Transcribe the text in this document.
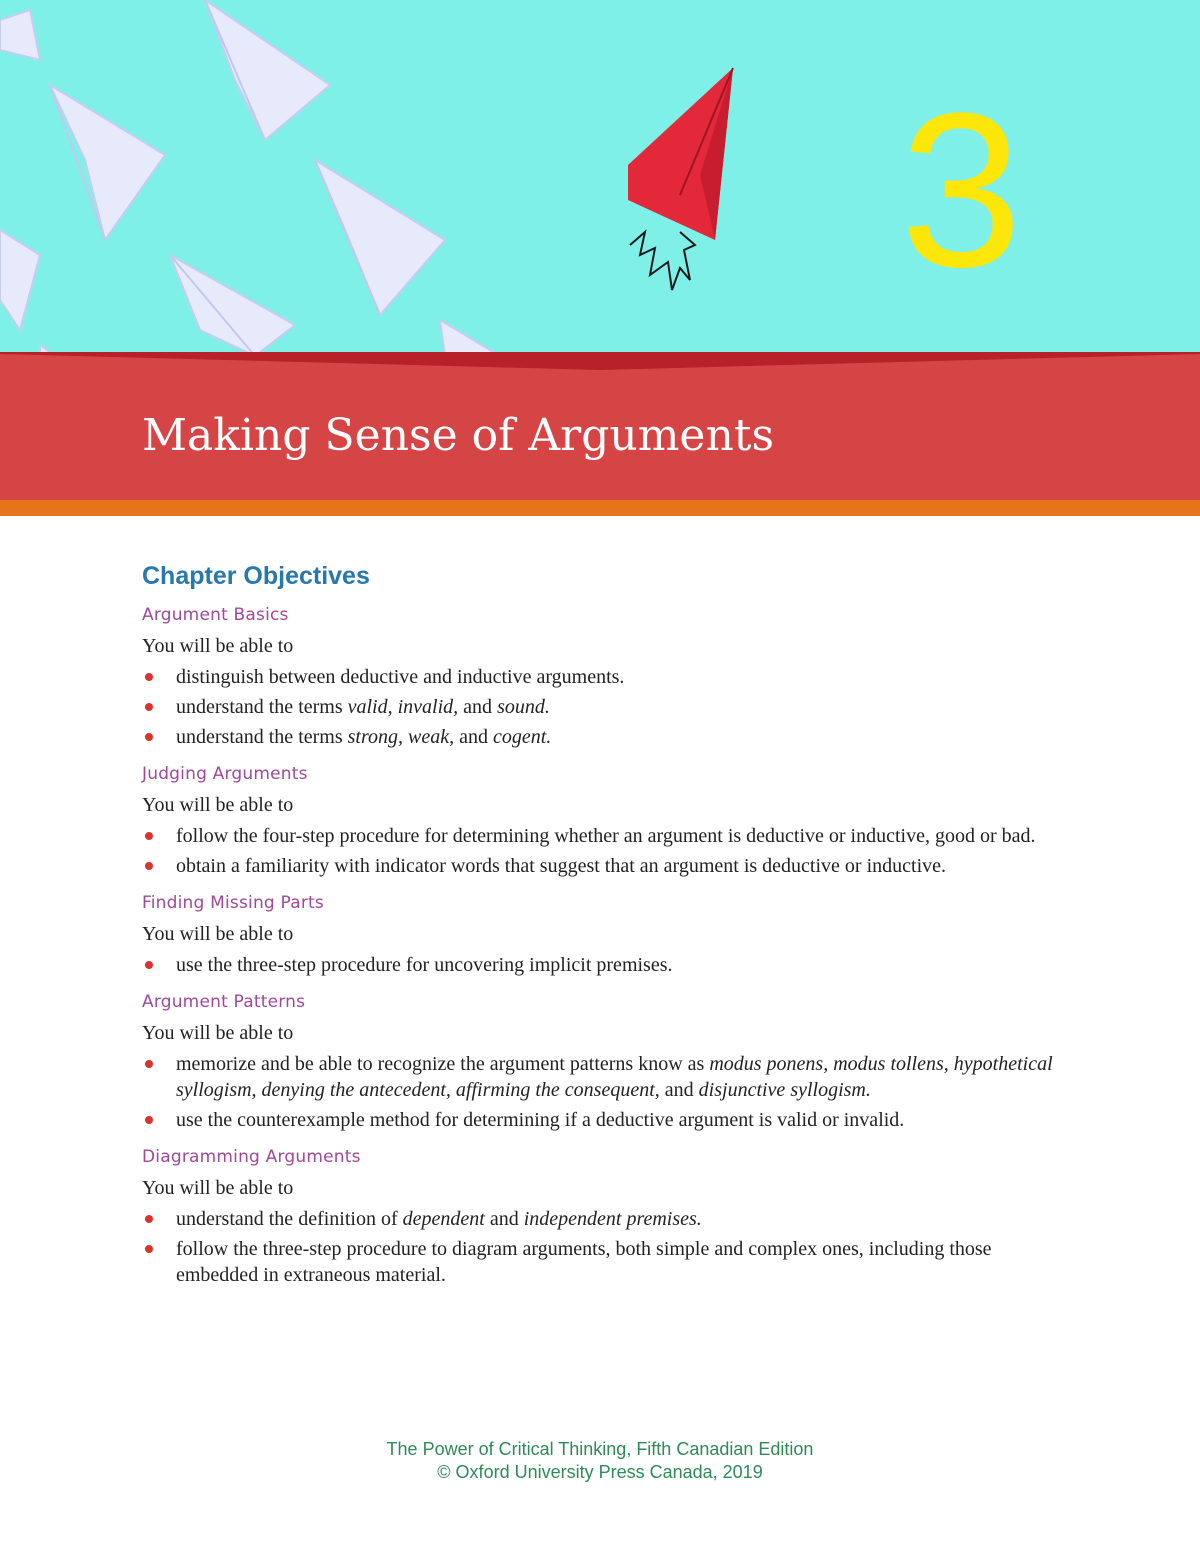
3
Making Sense of Arguments
Chapter Objectives
Argument Basics

You will be able to

distinguish between deductive and inductive arguments.
understand the terms valid, invalid, and sound.
understand the terms strong, weak, and cogent.
Judging Arguments

You will be able to

follow the four-step procedure for determining whether an argument is deductive or inductive, good or bad.
obtain a familiarity with indicator words that suggest that an argument is deductive or inductive.
Finding Missing Parts

You will be able to

use the three-step procedure for uncovering implicit premises.
Argument Patterns

You will be able to

memorize and be able to recognize the argument patterns know as modus ponens, modus tollens, hypothetical syllogism, denying the antecedent, affirming the consequent, and disjunctive syllogism.
use the counterexample method for determining if a deductive argument is valid or invalid.
Diagramming Arguments

You will be able to

understand the definition of dependent and independent premises.
follow the three-step procedure to diagram arguments, both simple and complex ones, including those embedded in extraneous material.
The Power of Critical Thinking, Fifth Canadian Edition
© Oxford University Press Canada, 2019
